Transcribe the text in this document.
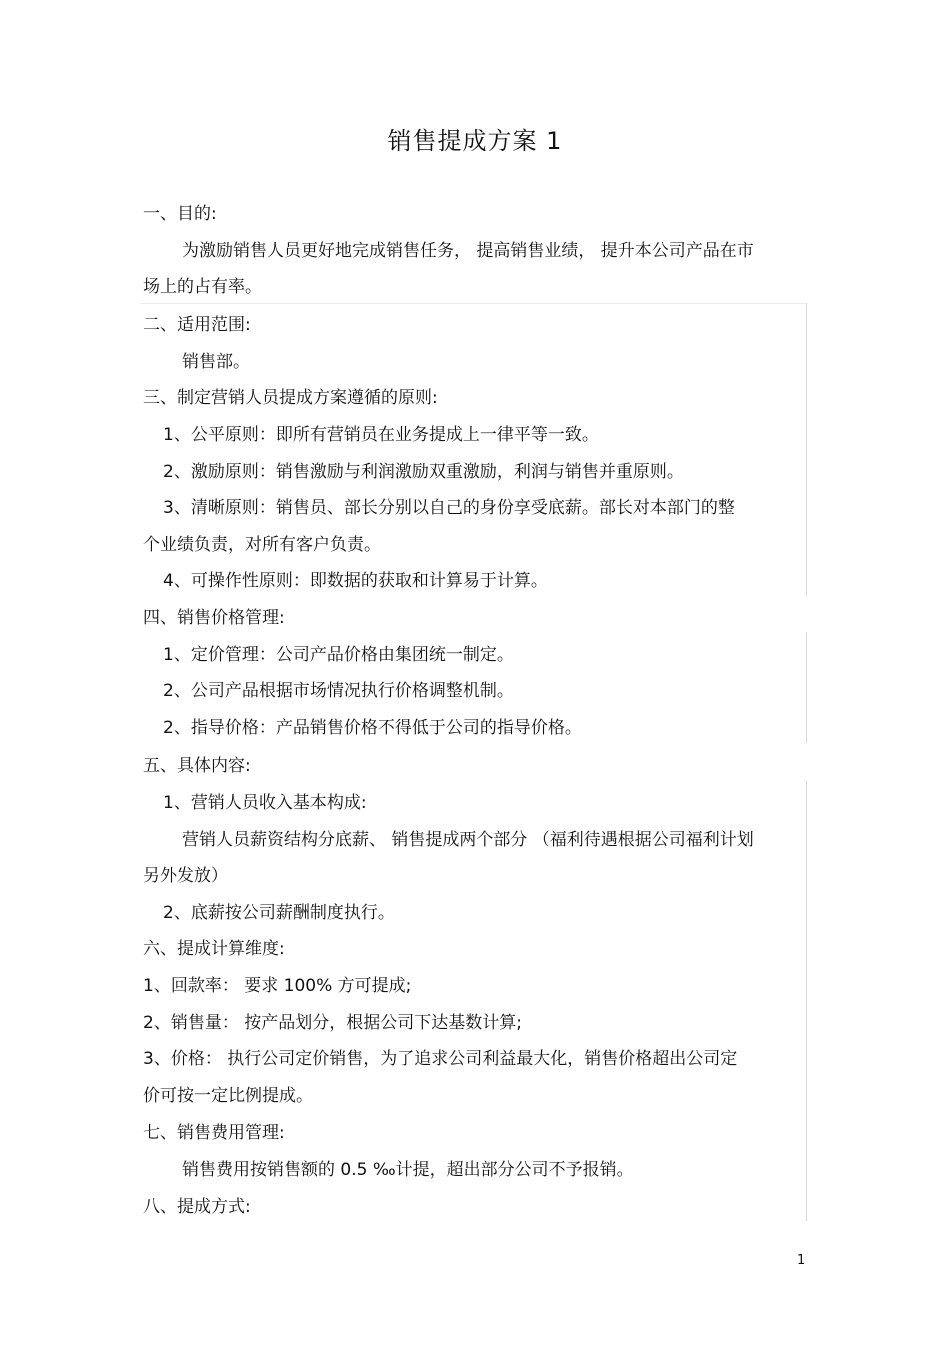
销售提成方案 1
一、目的:
为激励销售人员更好地完成销售任务， 提高销售业绩， 提升本公司产品在市
场上的占有率。
二、适用范围:
销售部。
三、制定营销人员提成方案遵循的原则:
1、公平原则：即所有营销员在业务提成上一律平等一致。
2、激励原则：销售激励与利润激励双重激励，利润与销售并重原则。
3、清晰原则：销售员、部长分别以自己的身份享受底薪。部长对本部门的整
个业绩负责，对所有客户负责。
4、可操作性原则：即数据的获取和计算易于计算。
四、销售价格管理:
1、定价管理：公司产品价格由集团统一制定。
2、公司产品根据市场情况执行价格调整机制。
2、指导价格：产品销售价格不得低于公司的指导价格。
五、具体内容:
1、营销人员收入基本构成:
营销人员薪资结构分底薪、 销售提成两个部分 （福利待遇根据公司福利计划
另外发放）
2、底薪按公司薪酬制度执行。
六、提成计算维度:
1、回款率： 要求 100% 方可提成;
2、销售量： 按产品划分，根据公司下达基数计算;
3、价格： 执行公司定价销售，为了追求公司利益最大化，销售价格超出公司定
价可按一定比例提成。
七、销售费用管理:
销售费用按销售额的 0.5 ‰计提，超出部分公司不予报销。
八、提成方式:
1
